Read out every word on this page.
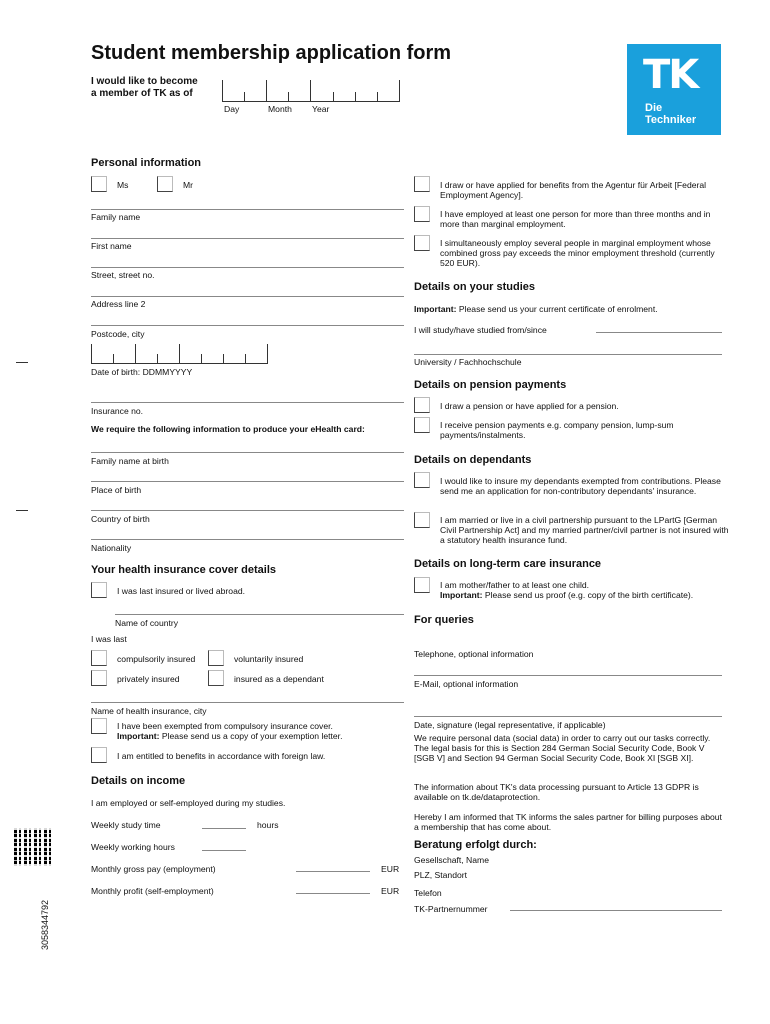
Student membership application form
I would like to become
a member of TK as of
Day	Month Year
TK
Die
Techniker
Personal information
Ms	Mr
Family name
First name
Street, street no.
Address line 2
Postcode, city
Date of birth: DDMMYYYY
Insurance no.
We require the following information to produce your eHealth card:
Family name at birth
Place of birth
Country of birth
Nationality
Your health insurance cover details
I was last insured or lived abroad.
Name of country
I was last
compulsorily insured	voluntarily insured
privately insured	insured as a dependant
Name of health insurance, city
I have been exempted from compulsory insurance cover.
Important: Please send us a copy of your exemption letter.
I am entitled to benefits in accordance with foreign law.
Details on income
I am employed or self-employed during my studies.
Weekly study time	hours
Weekly working hours
Monthly gross pay (employment)	EUR
Monthly profit (self-employment)	EUR
I draw or have applied for benefits from the Agentur für Arbeit [Federal Employment Agency].
I have employed at least one person for more than three months and in more than marginal employment.
I simultaneously employ several people in marginal employment whose combined gross pay exceeds the minor employment threshold (currently 520 EUR).
Details on your studies
Important: Please send us your current certificate of enrolment.
I will study/have studied from/since
University / Fachhochschule
Details on pension payments
I draw a pension or have applied for a pension.
I receive pension payments e.g. company pension, lump-sum payments/instalments.
Details on dependants
I would like to insure my dependants exempted from contributions. Please send me an application for non-contributory dependants' insurance.
I am married or live in a civil partnership pursuant to the LPartG [German Civil Partnership Act] and my married partner/civil partner is not insured with a statutory health insurance fund.
Details on long-term care insurance
I am mother/father to at least one child.
Important: Please send us proof (e.g. copy of the birth certificate).
For queries
Telephone, optional information
E-Mail, optional information
Date, signature (legal representative, if applicable)
We require personal data (social data) in order to carry out our tasks correctly. The legal basis for this is Section 284 German Social Security Code, Book V [SGB V] and Section 94 German Social Security Code, Book XI [SGB XI].
The information about TK's data processing pursuant to Article 13 GDPR is available on tk.de/dataprotection.
Hereby I am informed that TK informs the sales partner for billing purposes about a membership that has come about.
Beratung erfolgt durch:
Gesellschaft, Name
PLZ, Standort
Telefon
TK-Partnernummer
3058344792
